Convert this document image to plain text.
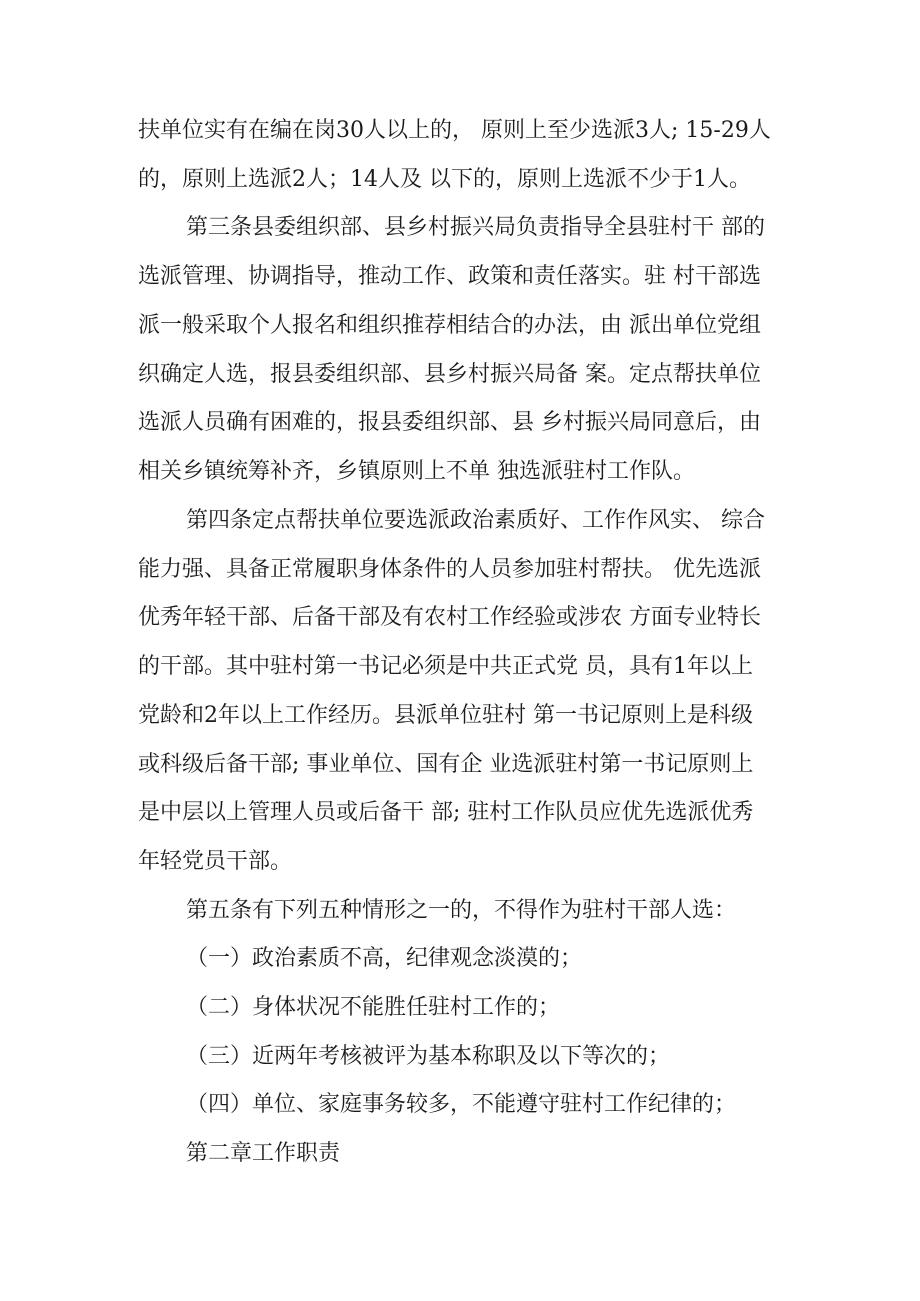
扶单位实有在编在岗30人以上的， 原则上至少选派3人; 15-29人
的，原则上选派2人；14人及 以下的，原则上选派不少于1人。
第三条县委组织部、县乡村振兴局负责指导全县驻村干 部的
选派管理、协调指导，推动工作、政策和责任落实。驻 村干部选
派一般采取个人报名和组织推荐相结合的办法，由 派出单位党组
织确定人选，报县委组织部、县乡村振兴局备 案。定点帮扶单位
选派人员确有困难的，报县委组织部、县 乡村振兴局同意后，由
相关乡镇统筹补齐，乡镇原则上不单 独选派驻村工作队。
第四条定点帮扶单位要选派政治素质好、工作作风实、 综合
能力强、具备正常履职身体条件的人员参加驻村帮扶。 优先选派
优秀年轻干部、后备干部及有农村工作经验或涉农 方面专业特长
的干部。其中驻村第一书记必须是中共正式党 员，具有1年以上
党龄和2年以上工作经历。县派单位驻村 第一书记原则上是科级
或科级后备干部; 事业单位、国有企 业选派驻村第一书记原则上
是中层以上管理人员或后备干 部; 驻村工作队员应优先选派优秀
年轻党员干部。
第五条有下列五种情形之一的，不得作为驻村干部人选：
（一）政治素质不高，纪律观念淡漠的；
（二）身体状况不能胜任驻村工作的；
（三）近两年考核被评为基本称职及以下等次的；
（四）单位、家庭事务较多，不能遵守驻村工作纪律的；
第二章工作职责
